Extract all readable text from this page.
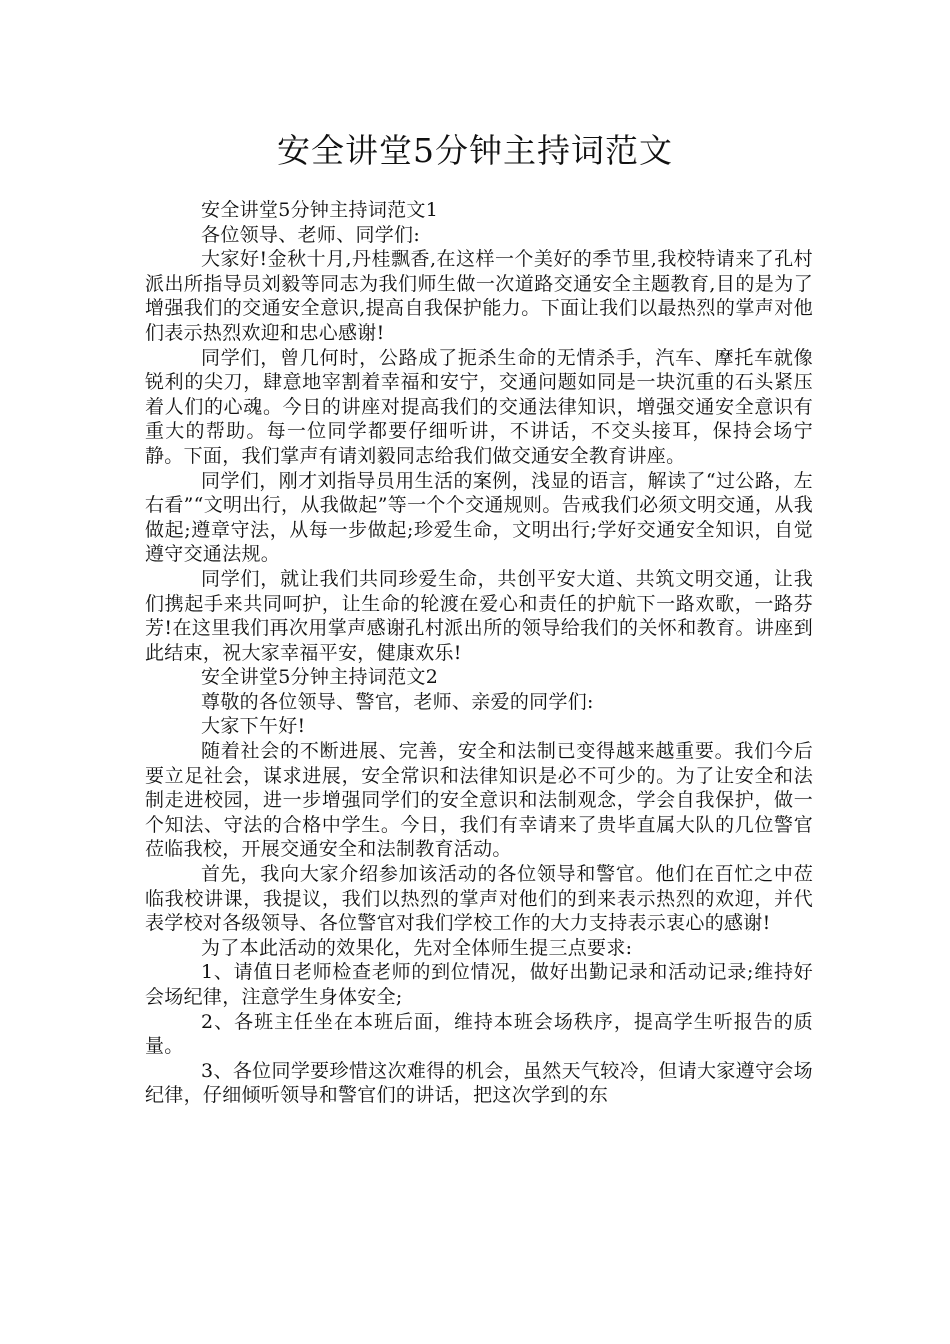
安全讲堂5分钟主持词范文

安全讲堂5分钟主持词范文1

各位领导、老师、同学们:

大家好!金秋十月,丹桂飘香,在这样一个美好的季节里,我校特请来了孔村派出所指导员刘毅等同志为我们师生做一次道路交通安全主题教育,目的是为了增强我们的交通安全意识,提高自我保护能力。下面让我们以最热烈的掌声对他们表示热烈欢迎和忠心感谢!

同学们，曾几何时，公路成了扼杀生命的无情杀手，汽车、摩托车就像锐利的尖刀，肆意地宰割着幸福和安宁，交通问题如同是一块沉重的石头紧压着人们的心魂。今日的讲座对提高我们的交通法律知识，增强交通安全意识有重大的帮助。每一位同学都要仔细听讲，不讲话，不交头接耳，保持会场宁静。下面，我们掌声有请刘毅同志给我们做交通安全教育讲座。

同学们，刚才刘指导员用生活的案例，浅显的语言，解读了“过公路，左右看”“文明出行，从我做起”等一个个交通规则。告戒我们必须文明交通，从我做起;遵章守法，从每一步做起;珍爱生命，文明出行;学好交通安全知识，自觉遵守交通法规。

同学们，就让我们共同珍爱生命，共创平安大道、共筑文明交通，让我们携起手来共同呵护，让生命的轮渡在爱心和责任的护航下一路欢歌，一路芬芳!在这里我们再次用掌声感谢孔村派出所的领导给我们的关怀和教育。讲座到此结束，祝大家幸福平安，健康欢乐!

安全讲堂5分钟主持词范文2

尊敬的各位领导、警官，老师、亲爱的同学们:

大家下午好!

随着社会的不断进展、完善，安全和法制已变得越来越重要。我们今后要立足社会，谋求进展，安全常识和法律知识是必不可少的。为了让安全和法制走进校园，进一步增强同学们的安全意识和法制观念，学会自我保护，做一个知法、守法的合格中学生。今日，我们有幸请来了贵毕直属大队的几位警官莅临我校，开展交通安全和法制教育活动。

首先，我向大家介绍参加该活动的各位领导和警官。他们在百忙之中莅临我校讲课，我提议，我们以热烈的掌声对他们的到来表示热烈的欢迎，并代表学校对各级领导、各位警官对我们学校工作的大力支持表示衷心的感谢!

为了本此活动的效果化，先对全体师生提三点要求:

1、请值日老师检查老师的到位情况，做好出勤记录和活动记录;维持好会场纪律，注意学生身体安全;

2、各班主任坐在本班后面，维持本班会场秩序，提高学生听报告的质量。

3、各位同学要珍惜这次难得的机会，虽然天气较冷，但请大家遵守会场纪律，仔细倾听领导和警官们的讲话，把这次学到的东
